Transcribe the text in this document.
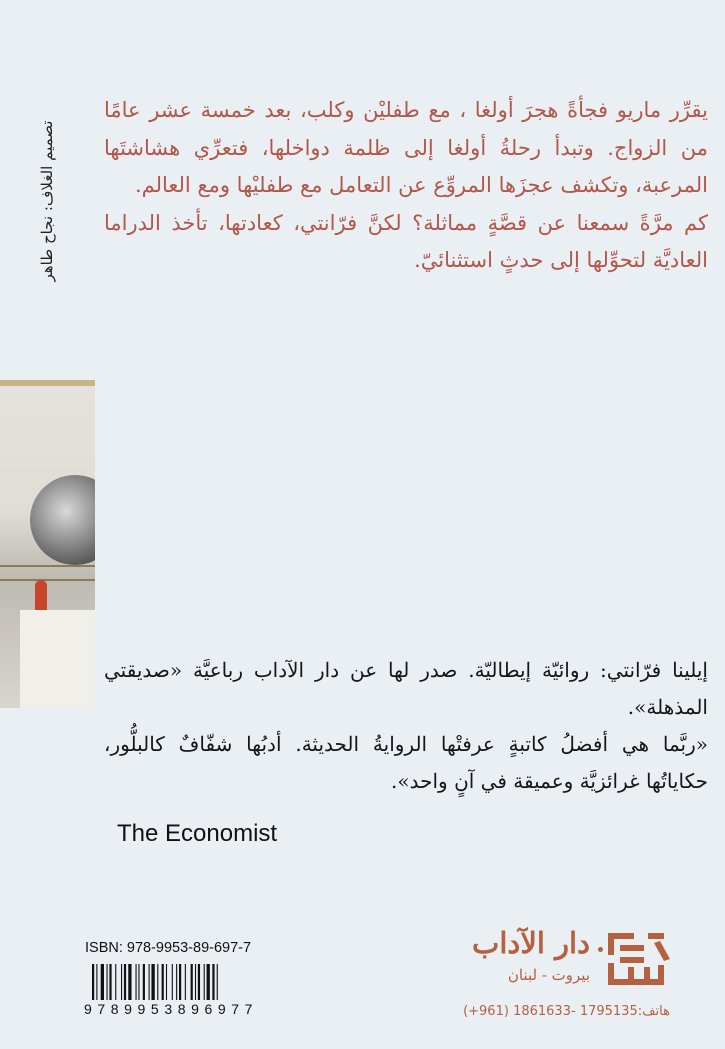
يقرِّر ماريو فجأةً هجرَ أولغا ، مع طفليْن وكلب، بعد خمسة عشر عامًا من الزواج. وتبدأ رحلةُ أولغا إلى ظلمة دواخلها، فتعرِّي هشاشتَها المرعبة، وتكشف عجزَها المروِّع عن التعامل مع طفليْها ومع العالم.

كم مرَّةً سمعنا عن قصَّةٍ مماثلة؟ لكنَّ فرّانتي، كعادتها، تأخذ الدراما العاديَّة لتحوِّلها إلى حدثٍ استثنائيّ.

تصميم الغلاف: نجاح طاهر

إيلينا فرّانتي: روائيّة إيطاليّة. صدر لها عن دار الآداب رباعيَّة «صديقتي المذهلة».

«ربَّما هي أفضلُ كاتبةٍ عرفتْها الروايةُ الحديثة. أدبُها شفّافٌ كالبلُّور، حكاياتُها غرائزيَّة وعميقة في آنٍ واحد».

The Economist
ISBN: 978-9953-89-697-7
9789953896977
دار الآداب
بيروت - لبنان
هاتف:1795135 -1861633 (961+)
